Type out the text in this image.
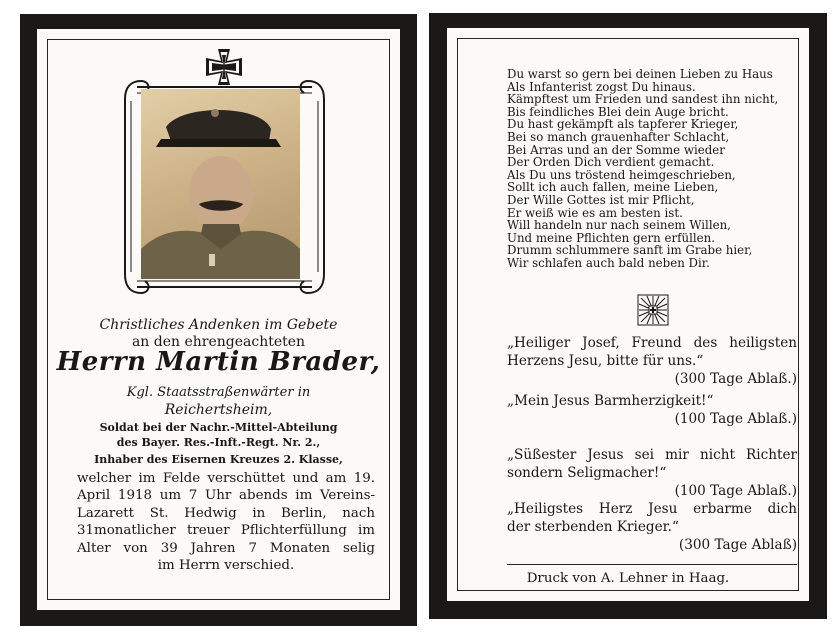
Christliches Andenken im Gebete
an den ehrengeachteten
Herrn Martin Brader,
Kgl. Staatsstraßenwärter in
Reichertsheim,
Soldat bei der Nachr.-Mittel-Abteilung
des Bayer. Res.-Inft.-Regt. Nr. 2.,
Inhaber des Eisernen Kreuzes 2. Klasse,
welcher im Felde verschüttet und am 19.
April 1918 um 7 Uhr abends im Vereins-
Lazarett St. Hedwig in Berlin, nach
31monatlicher treuer Pflichterfüllung im
Alter von 39 Jahren 7 Monaten selig
im Herrn verschied.
Du warst so gern bei deinen Lieben zu Haus
Als Infanterist zogst Du hinaus.
Kämpftest um Frieden und sandest ihn nicht,
Bis feindliches Blei dein Auge bricht.
Du hast gekämpft als tapferer Krieger,
Bei so manch grauenhafter Schlacht,
Bei Arras und an der Somme wieder
Der Orden Dich verdient gemacht.
Als Du uns tröstend heimgeschrieben,
Sollt ich auch fallen, meine Lieben,
Der Wille Gottes ist mir Pflicht,
Er weiß wie es am besten ist.
Will handeln nur nach seinem Willen,
Und meine Pflichten gern erfüllen.
Drumm schlummere sanft im Grabe hier,
Wir schlafen auch bald neben Dir.
„Heiliger Josef, Freund des heiligsten
Herzens Jesu, bitte für uns.“
(300 Tage Ablaß.)
„Mein Jesus Barmherzigkeit!“
(100 Tage Ablaß.)
„Süßester Jesus sei mir nicht Richter
sondern Seligmacher!“
(100 Tage Ablaß.)
„Heiligstes Herz Jesu erbarme dich
der sterbenden Krieger.“
(300 Tage Ablaß)
Druck von A. Lehner in Haag.
